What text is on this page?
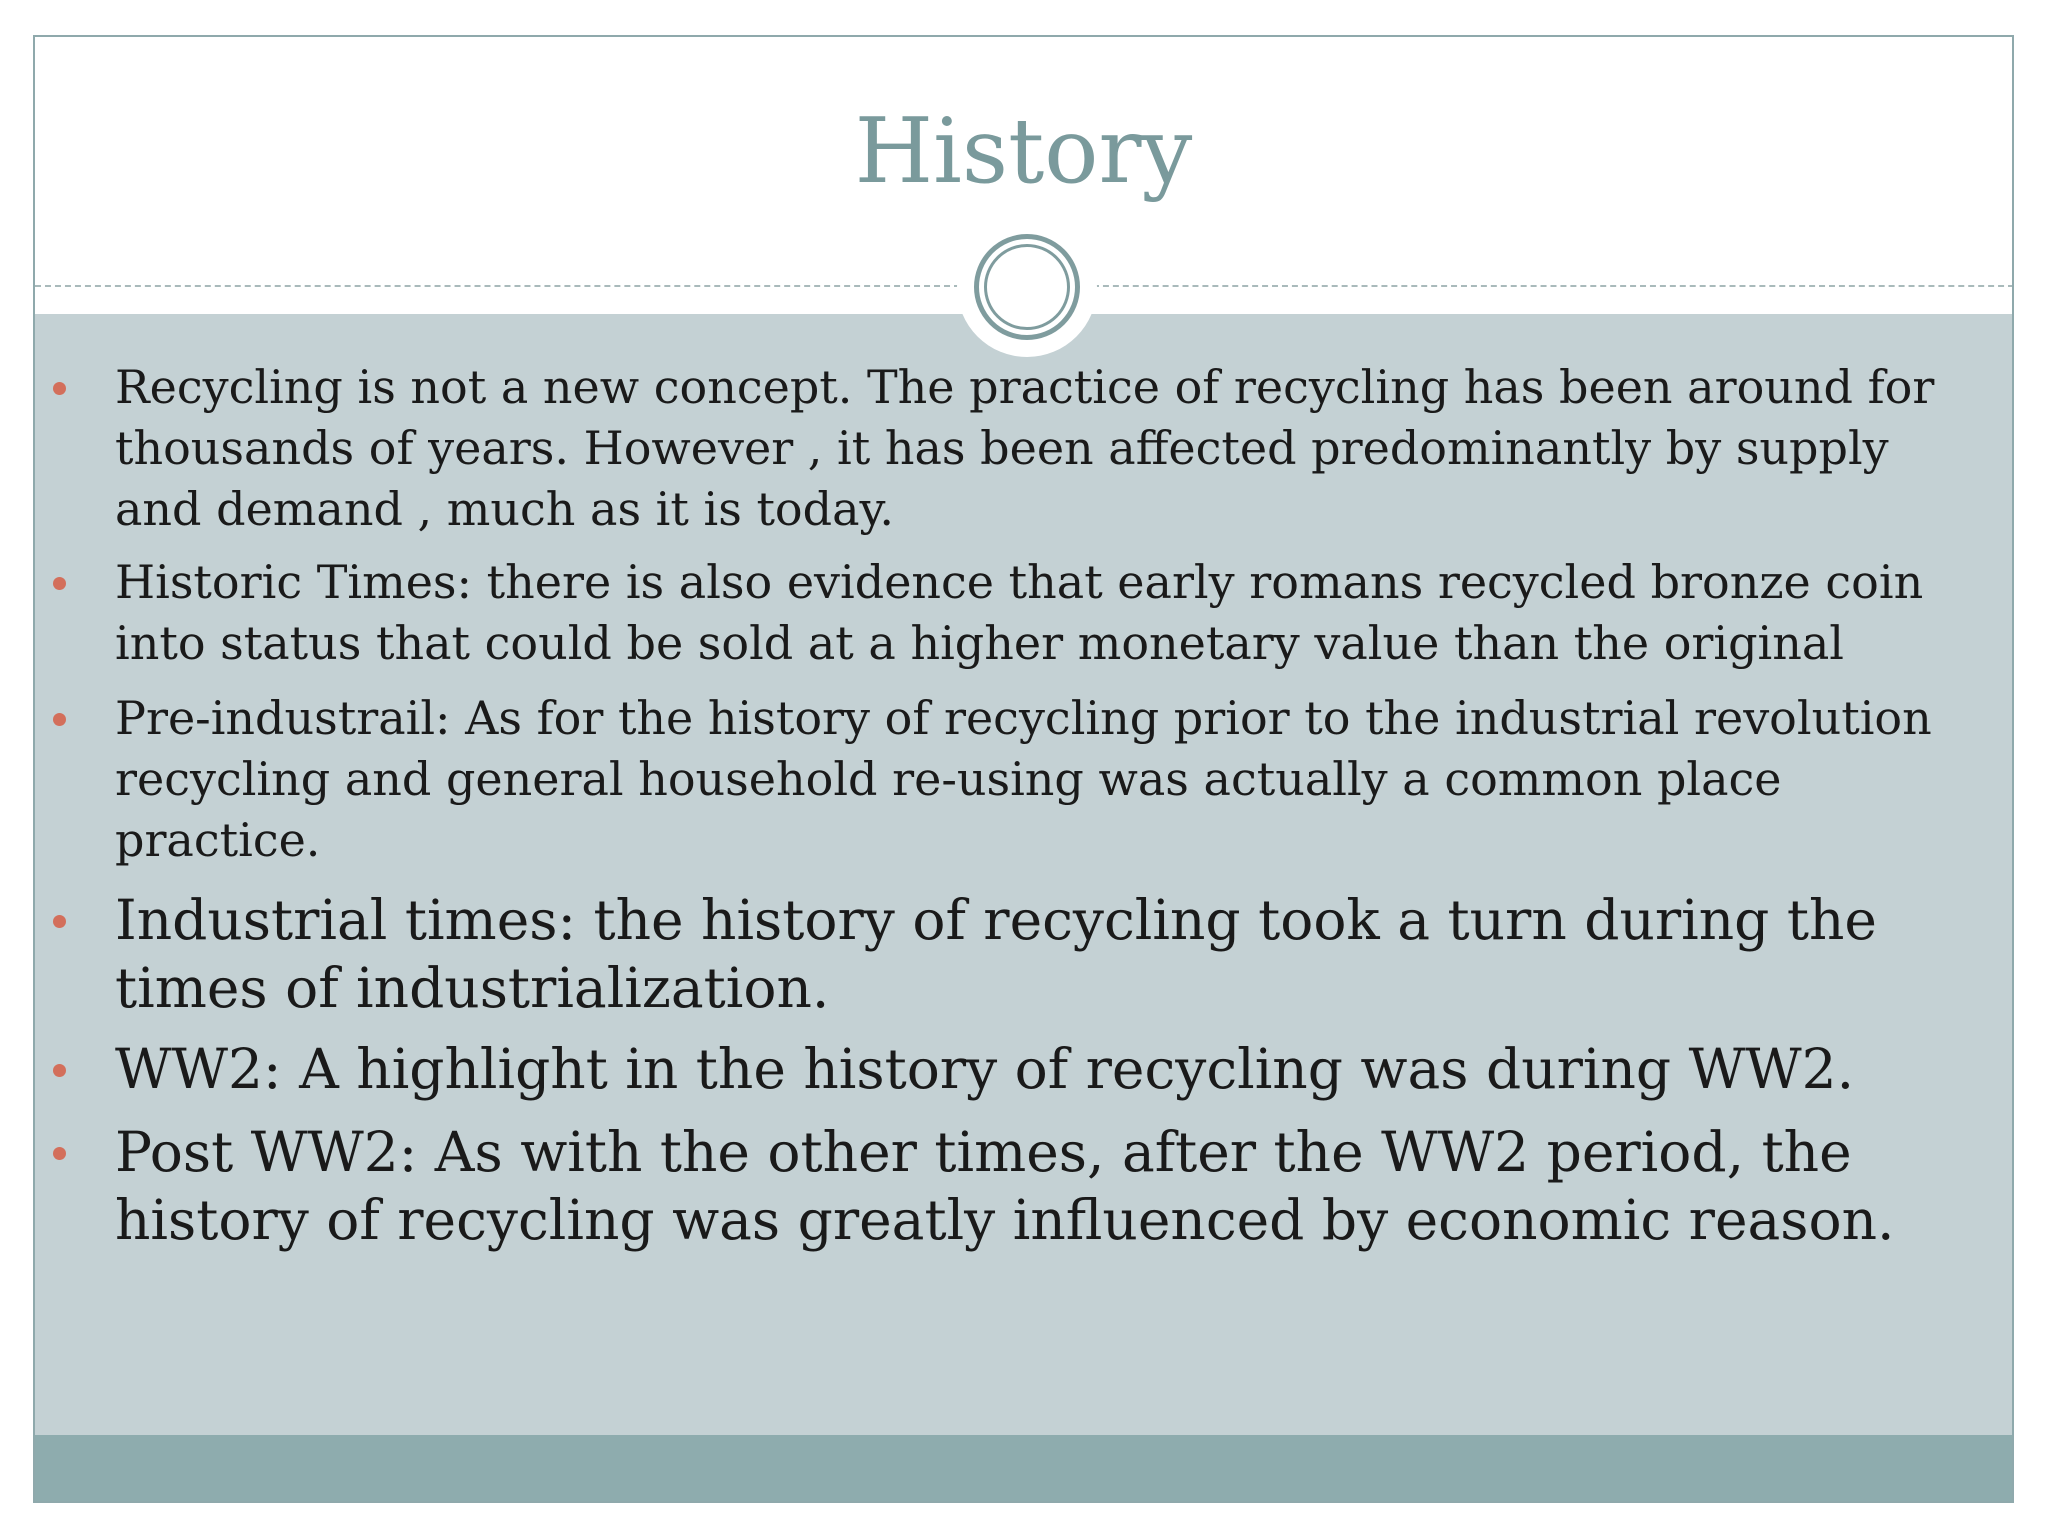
History
Recycling is not a new concept. The practice of recycling has been around for thousands of years. However , it has been affected predominantly by supply and demand , much as it is today.
Historic Times: there is also evidence that early romans recycled bronze coin into status that could be sold at a higher monetary value than the original
Pre-industrail: As for the history of recycling prior to the industrial revolution recycling and general household re-using was actually a common place practice.
Industrial times: the history of recycling took a turn during the times of industrialization.
WW2: A highlight in the history of recycling was during WW2.
Post WW2: As with the other times, after the WW2 period, the history of recycling was greatly influenced by economic reason.
